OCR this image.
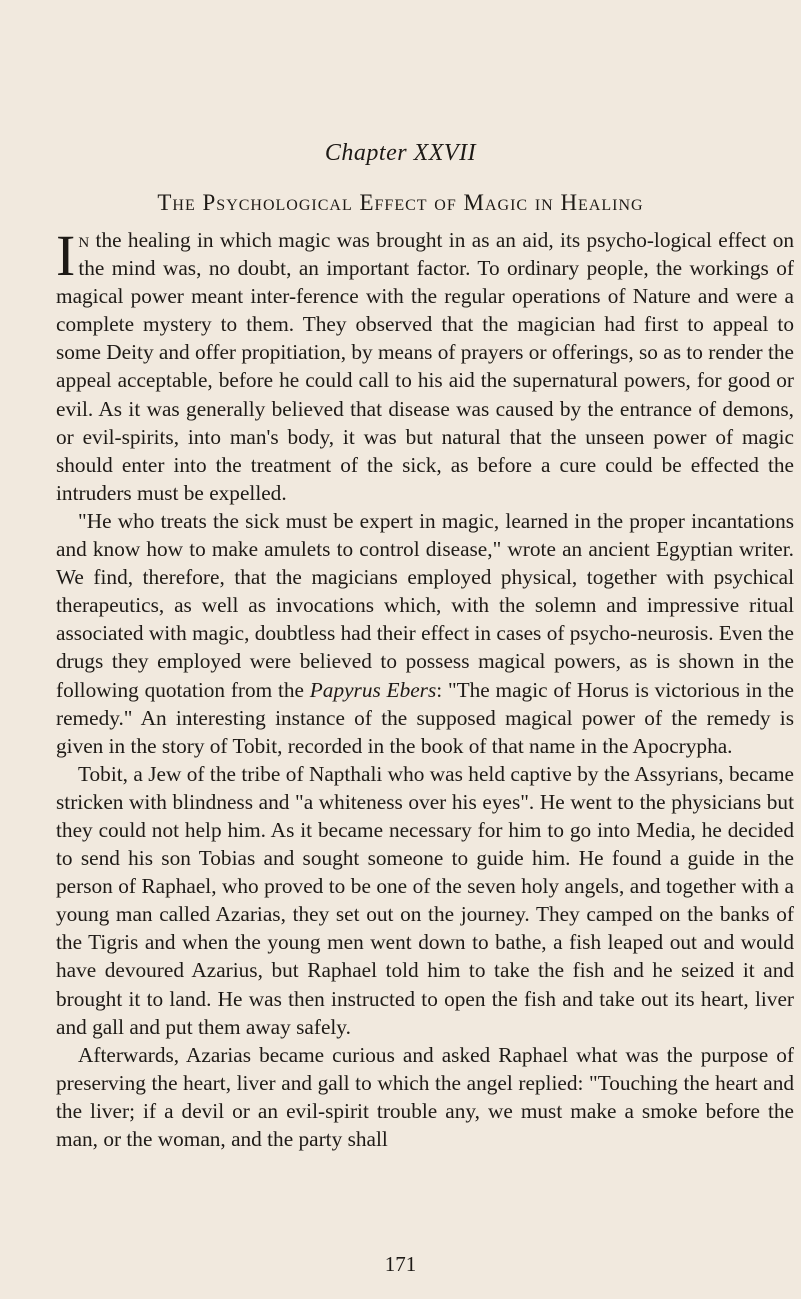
Chapter XXVII
The Psychological Effect of Magic in Healing

In the healing in which magic was brought in as an aid, its psycho-logical effect on the mind was, no doubt, an important factor. To ordinary people, the workings of magical power meant inter-ference with the regular operations of Nature and were a complete mystery to them. They observed that the magician had first to appeal to some Deity and offer propitiation, by means of prayers or offerings, so as to render the appeal acceptable, before he could call to his aid the supernatural powers, for good or evil. As it was generally believed that disease was caused by the entrance of demons, or evil-spirits, into man's body, it was but natural that the unseen power of magic should enter into the treatment of the sick, as before a cure could be effected the intruders must be expelled.

"He who treats the sick must be expert in magic, learned in the proper incantations and know how to make amulets to control disease," wrote an ancient Egyptian writer. We find, therefore, that the magicians employed physical, together with psychical therapeutics, as well as invocations which, with the solemn and impressive ritual associated with magic, doubtless had their effect in cases of psycho-neurosis. Even the drugs they employed were believed to possess magical powers, as is shown in the following quotation from the Papyrus Ebers: "The magic of Horus is victorious in the remedy." An interesting instance of the supposed magical power of the remedy is given in the story of Tobit, recorded in the book of that name in the Apocrypha.

Tobit, a Jew of the tribe of Napthali who was held captive by the Assyrians, became stricken with blindness and "a whiteness over his eyes". He went to the physicians but they could not help him. As it became necessary for him to go into Media, he decided to send his son Tobias and sought someone to guide him. He found a guide in the person of Raphael, who proved to be one of the seven holy angels, and together with a young man called Azarias, they set out on the journey. They camped on the banks of the Tigris and when the young men went down to bathe, a fish leaped out and would have devoured Azarius, but Raphael told him to take the fish and he seized it and brought it to land. He was then instructed to open the fish and take out its heart, liver and gall and put them away safely.

Afterwards, Azarias became curious and asked Raphael what was the purpose of preserving the heart, liver and gall to which the angel replied: "Touching the heart and the liver; if a devil or an evil-spirit trouble any, we must make a smoke before the man, or the woman, and the party shall

171
